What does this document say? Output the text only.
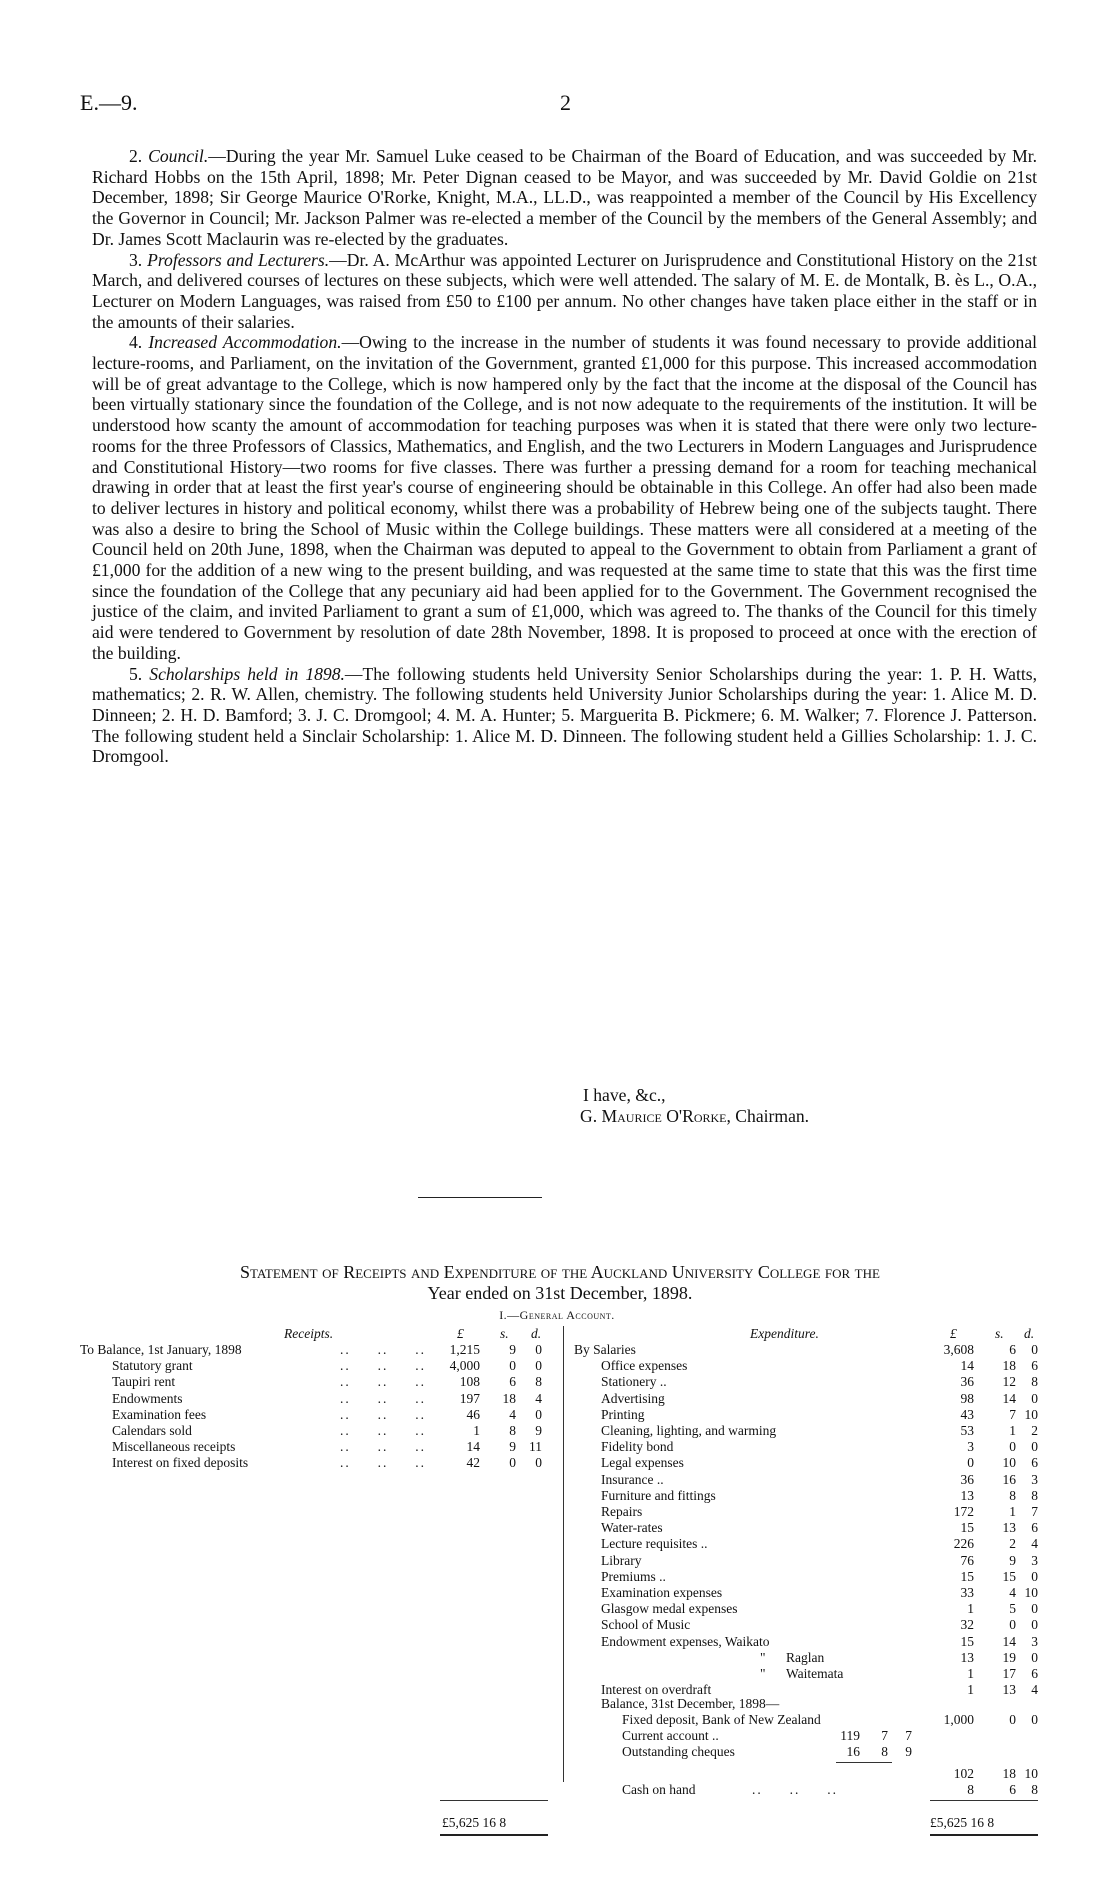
E.—9.	2

2. Council.—During the year Mr. Samuel Luke ceased to be Chairman of the Board of Education, and was succeeded by Mr. Richard Hobbs on the 15th April, 1898; Mr. Peter Dignan ceased to be Mayor, and was succeeded by Mr. David Goldie on 21st December, 1898; Sir George Maurice O'Rorke, Knight, M.A., LL.D., was reappointed a member of the Council by His Excellency the Governor in Council; Mr. Jackson Palmer was re-elected a member of the Council by the members of the General Assembly; and Dr. James Scott Maclaurin was re-elected by the graduates.

3. Professors and Lecturers.—Dr. A. McArthur was appointed Lecturer on Jurisprudence and Constitutional History on the 21st March, and delivered courses of lectures on these subjects, which were well attended. The salary of M. E. de Montalk, B. ès L., O.A., Lecturer on Modern Languages, was raised from £50 to £100 per annum. No other changes have taken place either in the staff or in the amounts of their salaries.

4. Increased Accommodation.—Owing to the increase in the number of students it was found necessary to provide additional lecture-rooms, and Parliament, on the invitation of the Government, granted £1,000 for this purpose. This increased accommodation will be of great advantage to the College, which is now hampered only by the fact that the income at the disposal of the Council has been virtually stationary since the foundation of the College, and is not now adequate to the requirements of the institution. It will be understood how scanty the amount of accommodation for teaching purposes was when it is stated that there were only two lecture-rooms for the three Professors of Classics, Mathematics, and English, and the two Lecturers in Modern Languages and Jurisprudence and Constitutional History—two rooms for five classes. There was further a pressing demand for a room for teaching mechanical drawing in order that at least the first year's course of engineering should be obtainable in this College. An offer had also been made to deliver lectures in history and political economy, whilst there was a probability of Hebrew being one of the subjects taught. There was also a desire to bring the School of Music within the College buildings. These matters were all considered at a meeting of the Council held on 20th June, 1898, when the Chairman was deputed to appeal to the Government to obtain from Parliament a grant of £1,000 for the addition of a new wing to the present building, and was requested at the same time to state that this was the first time since the foundation of the College that any pecuniary aid had been applied for to the Government. The Government recognised the justice of the claim, and invited Parliament to grant a sum of £1,000, which was agreed to. The thanks of the Council for this timely aid were tendered to Government by resolution of date 28th November, 1898. It is proposed to proceed at once with the erection of the building.

5. Scholarships held in 1898.—The following students held University Senior Scholarships during the year: 1. P. H. Watts, mathematics; 2. R. W. Allen, chemistry. The following students held University Junior Scholarships during the year: 1. Alice M. D. Dinneen; 2. H. D. Bamford; 3. J. C. Dromgool; 4. M. A. Hunter; 5. Marguerita B. Pickmere; 6. M. Walker; 7. Florence J. Patterson. The following student held a Sinclair Scholarship: 1. Alice M. D. Dinneen. The following student held a Gillies Scholarship: 1. J. C. Dromgool.

I have, &c.,
G. Maurice O'Rorke, Chairman.
Statement of Receipts and Expenditure of the Auckland University College for the
Year ended on 31st December, 1898.
I.—General Account.
Receipts.	Expenditure.
£	s. d.	£	s. d.
To Balance, 1st January, 1898	..     ..     ..	1,215	9	0
Statutory grant	..     ..     ..	4,000	0	0
Taupiri rent	..     ..     ..	108	6	8
Endowments	..     ..     ..	197	18	4
Examination fees	..     ..     ..	46	4	0
Calendars sold	..     ..     ..	1	8	9
Miscellaneous receipts	..     ..     ..	14	9 11
Interest on fixed deposits	..     ..     ..	42	0	0
By Salaries	3,608	6	0
Office expenses	14	18	6
Stationery ..	36	12	8
Advertising	98	14	0
Printing	43	7 10
Cleaning, lighting, and warming	53	1	2
Fidelity bond	3	0	0
Legal expenses	0	10	6
Insurance ..	36	16	3
Furniture and fittings	13	8	8
Repairs	172	1	7
Water-rates	15	13	6
Lecture requisites ..	226	2	4
Library	76	9	3
Premiums ..	15	15	0
Examination expenses	33	4 10
Glasgow medal expenses	1	5	0
School of Music	32	0	0
Endowment expenses, Waikato	15	14	3
" Raglan	13	19	0
" Waitemata	1	17	6
Interest on overdraft	1	13	4
Balance, 31st December, 1898—
Fixed deposit, Bank of New Zealand	1,000	0	0
Current account ..	119	7	7
Outstanding cheques	16	8	9
102	18 10
Cash on hand	..     ..     ..	8	6	8
£5,625 16 8	£5,625 16 8
